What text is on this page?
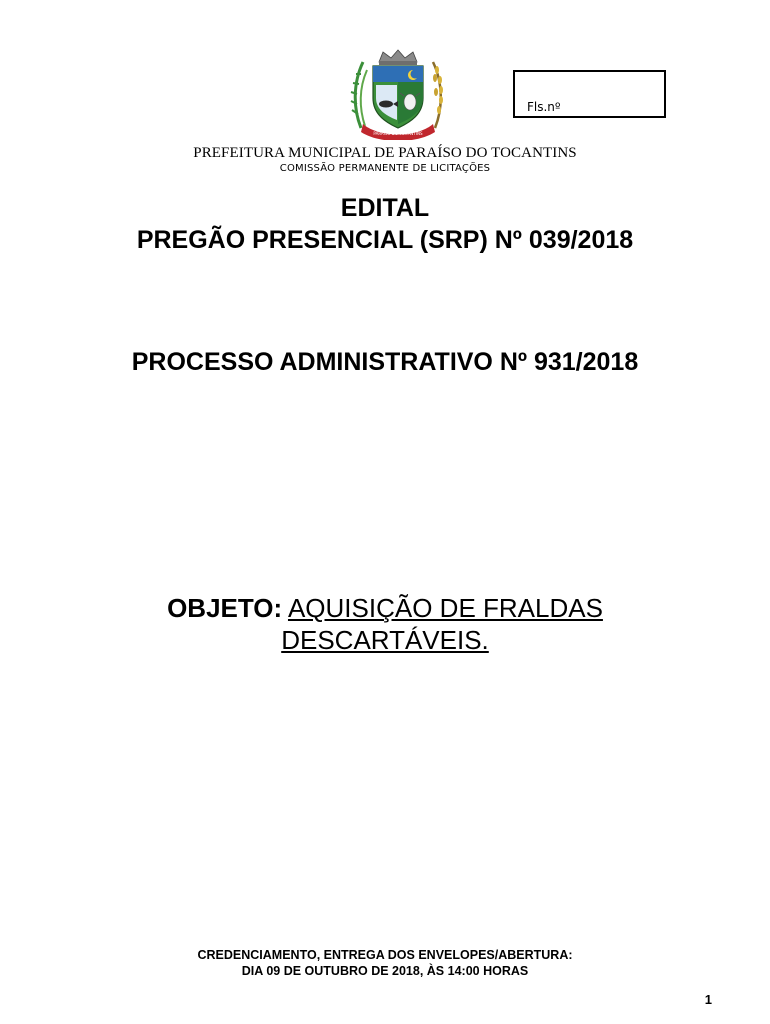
PARAÍSO DO TOCANTINS
Fls.nº
PREFEITURA MUNICIPAL DE PARAÍSO DO TOCANTINS
COMISSÃO PERMANENTE DE LICITAÇÕES
EDITAL
PREGÃO PRESENCIAL (SRP) Nº 039/2018
PROCESSO ADMINISTRATIVO Nº 931/2018
OBJETO: AQUISIÇÃO DE FRALDAS
DESCARTÁVEIS.
CREDENCIAMENTO, ENTREGA DOS ENVELOPES/ABERTURA:
DIA 09 DE OUTUBRO DE 2018, ÀS 14:00 HORAS
1
